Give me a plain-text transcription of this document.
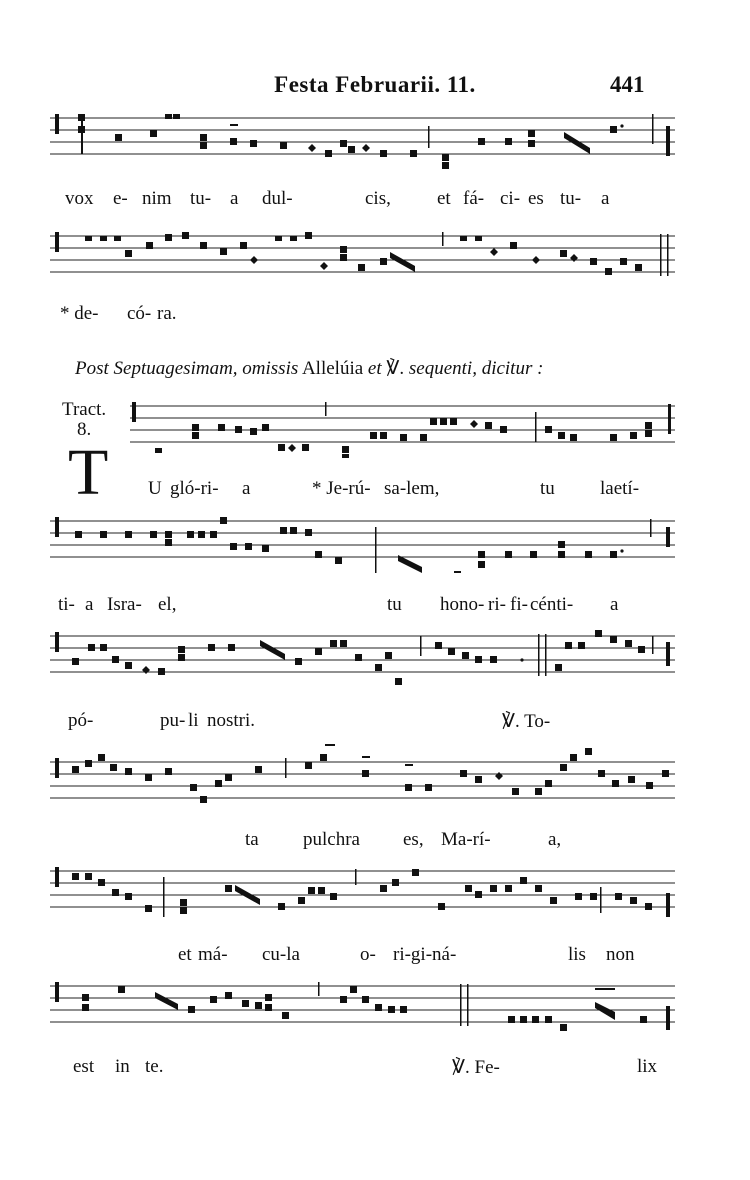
Festa Februarii. 11.	441
vox e- nim tu- a dul-	cis, et fá- ci- es tu- a
* de- có- ra.
Post Septuagesimam, omissis Allelúia et ℣. sequenti, dicitur :
Tract.
8.
T U gló-ri- a	* Je-rú- sa-lem,	tu laetí-
ti- a Isra- el,	tu hono- ri- fi- cénti- a
pó-	pu- li nostri.	℣. To-
ta pulchra es, Ma-rí-	a,
et má- cu-la	o- ri-gi-ná-	lis non
est in te.	℣. Fe-	lix
